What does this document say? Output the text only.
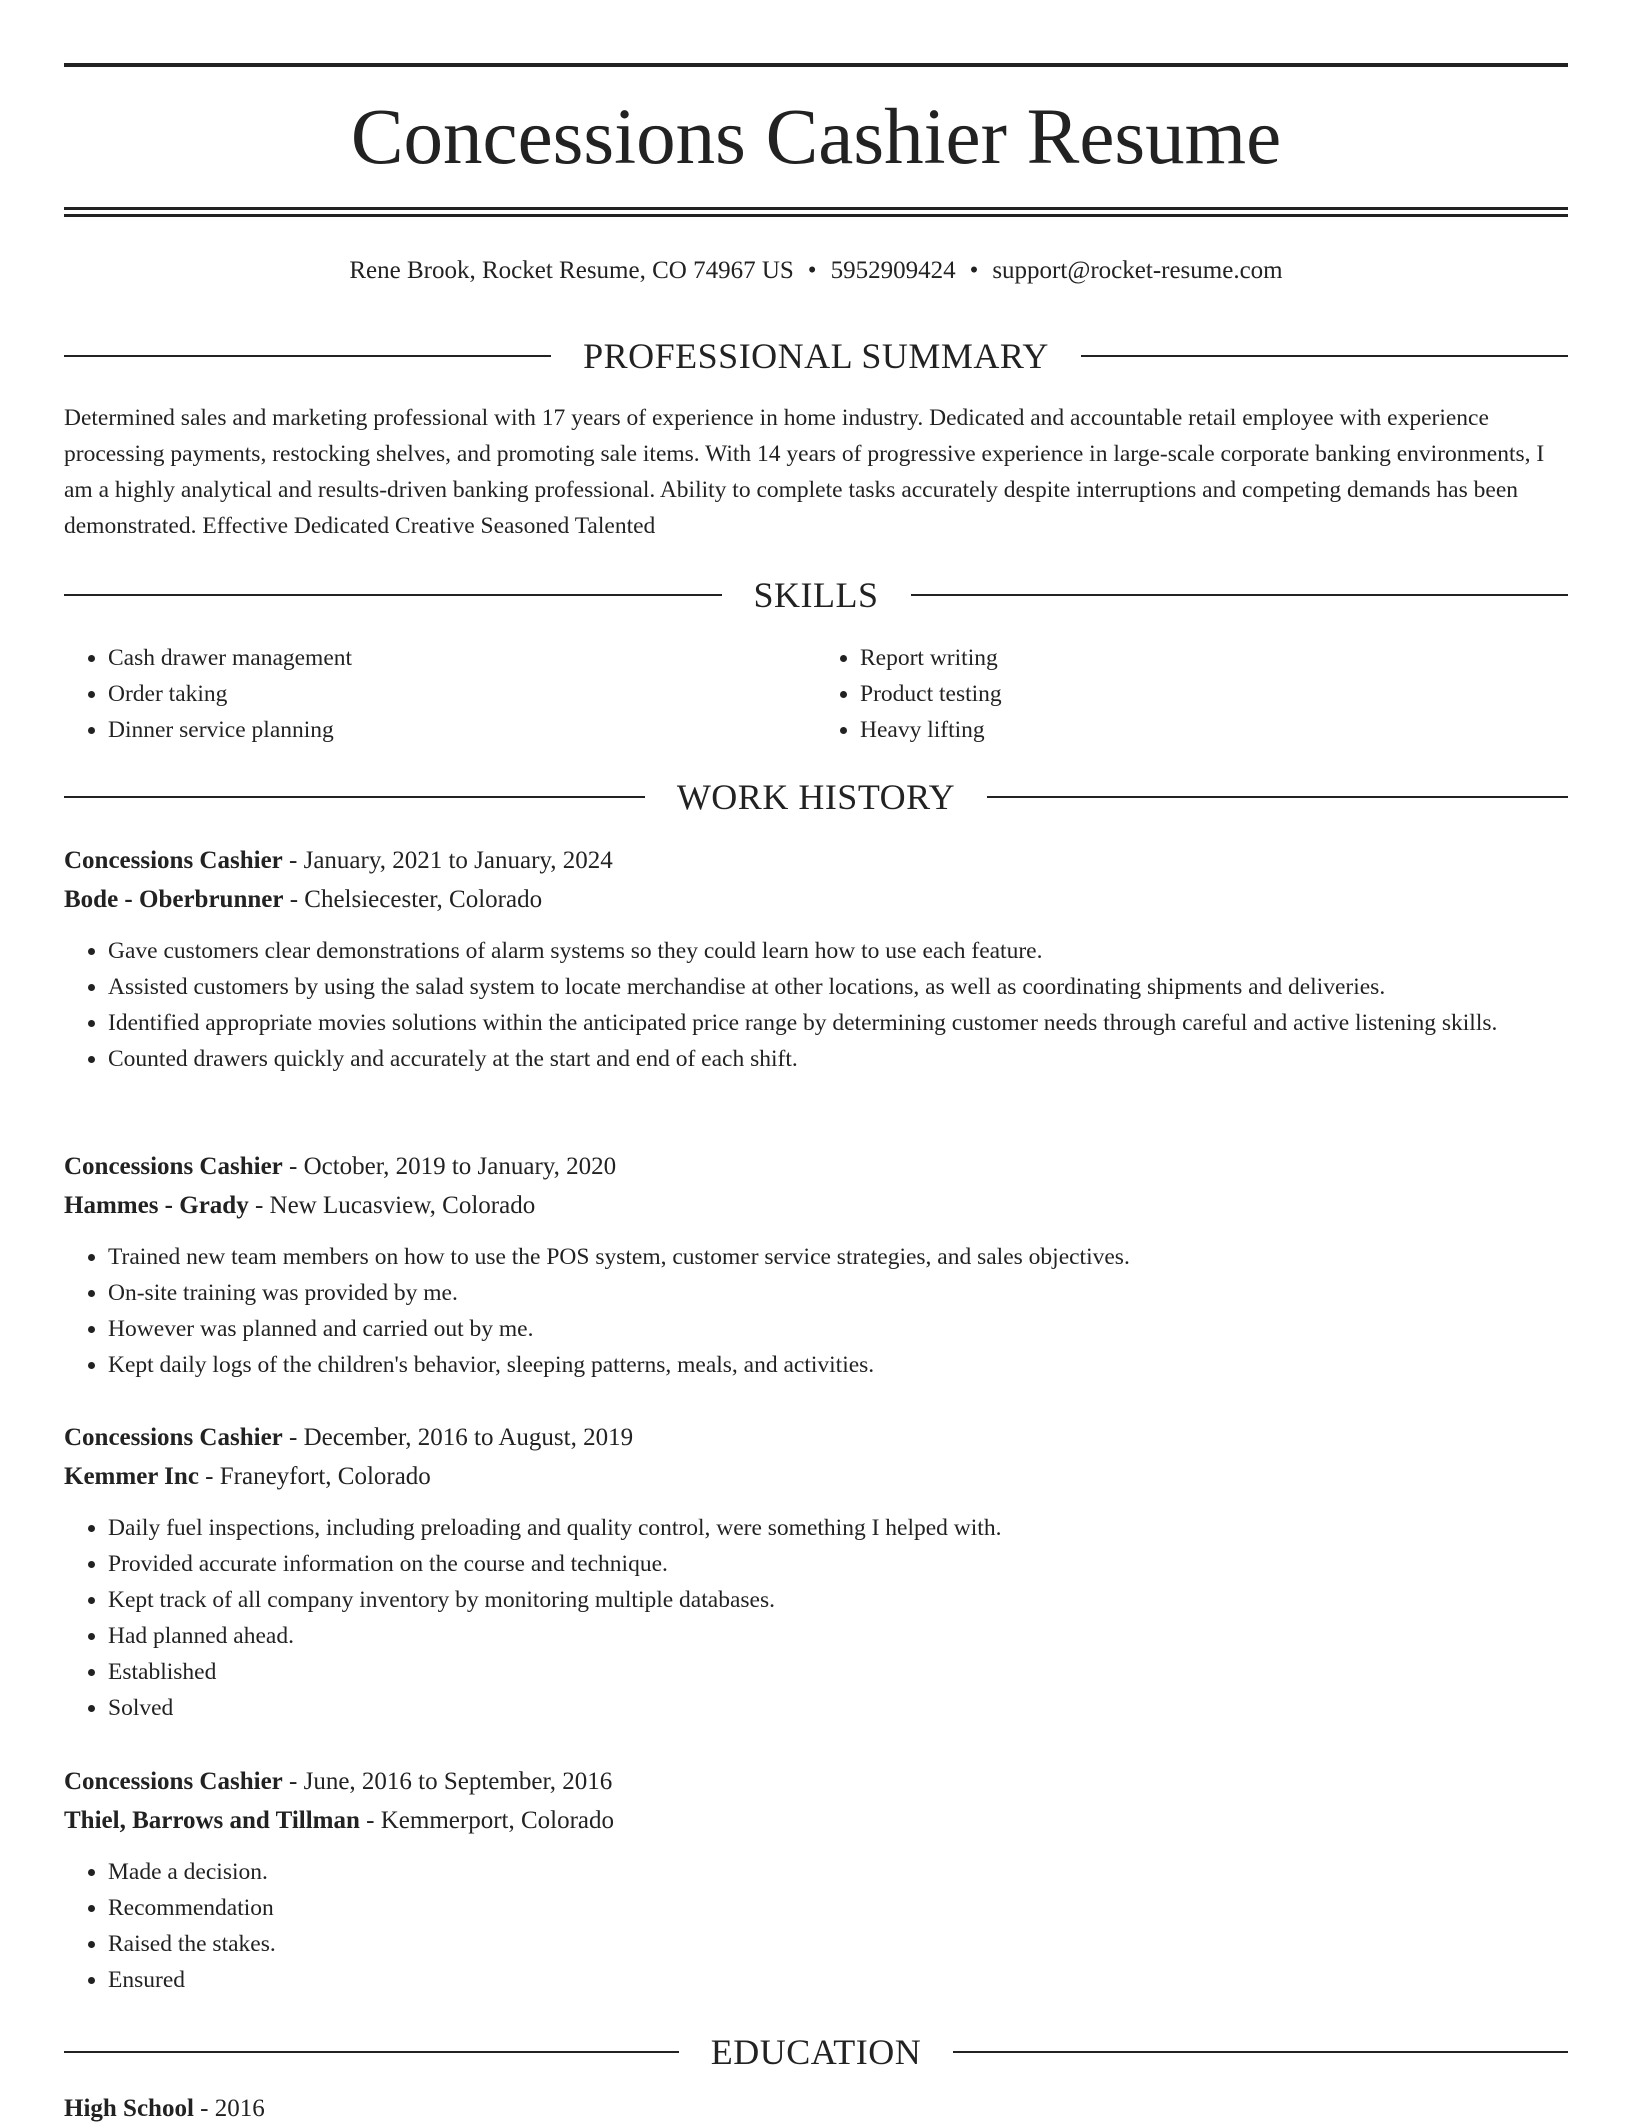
Concessions Cashier Resume
Rene Brook, Rocket Resume, CO 74967 US • 5952909424 • support@rocket-resume.com
PROFESSIONAL SUMMARY

Determined sales and marketing professional with 17 years of experience in home industry. Dedicated and accountable retail employee with experience processing payments, restocking shelves, and promoting sale items. With 14 years of progressive experience in large-scale corporate banking environments, I am a highly analytical and results-driven banking professional. Ability to complete tasks accurately despite interruptions and competing demands has been demonstrated. Effective Dedicated Creative Seasoned Talented

SKILLS
• Cash drawer management
• Order taking
• Dinner service planning
• Report writing
• Product testing
• Heavy lifting
WORK HISTORY
Concessions Cashier - January, 2021 to January, 2024
Bode - Oberbrunner - Chelsiecester, Colorado
• Gave customers clear demonstrations of alarm systems so they could learn how to use each feature.
• Assisted customers by using the salad system to locate merchandise at other locations, as well as coordinating shipments and deliveries.
• Identified appropriate movies solutions within the anticipated price range by determining customer needs through careful and active listening skills.
• Counted drawers quickly and accurately at the start and end of each shift.
Concessions Cashier - October, 2019 to January, 2020
Hammes - Grady - New Lucasview, Colorado
• Trained new team members on how to use the POS system, customer service strategies, and sales objectives.
• On-site training was provided by me.
• However was planned and carried out by me.
• Kept daily logs of the children's behavior, sleeping patterns, meals, and activities.
Concessions Cashier - December, 2016 to August, 2019
Kemmer Inc - Franeyfort, Colorado
• Daily fuel inspections, including preloading and quality control, were something I helped with.
• Provided accurate information on the course and technique.
• Kept track of all company inventory by monitoring multiple databases.
• Had planned ahead.
• Established
• Solved
Concessions Cashier - June, 2016 to September, 2016
Thiel, Barrows and Tillman - Kemmerport, Colorado
• Made a decision.
• Recommendation
• Raised the stakes.
• Ensured
EDUCATION
High School - 2016
